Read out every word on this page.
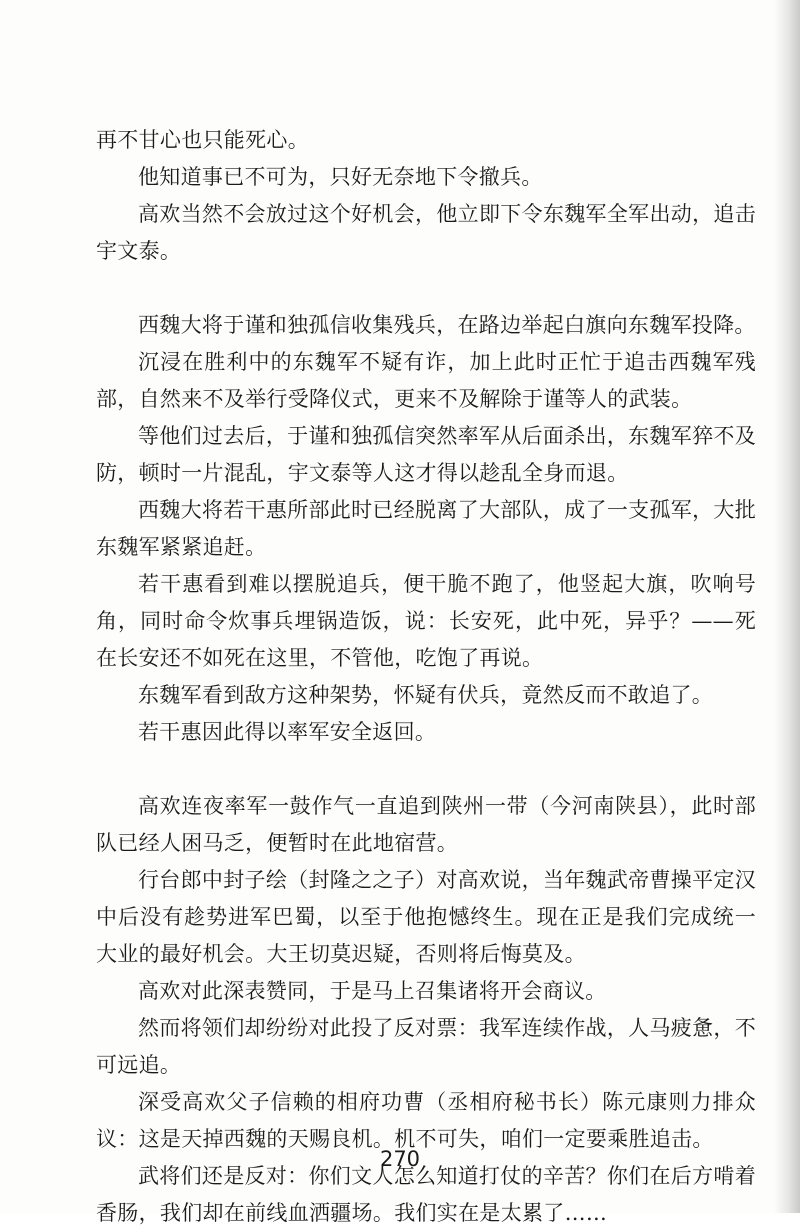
再不甘心也只能死心。

他知道事已不可为，只好无奈地下令撤兵。

高欢当然不会放过这个好机会，他立即下令东魏军全军出动，追击宇文泰。

西魏大将于谨和独孤信收集残兵，在路边举起白旗向东魏军投降。

沉浸在胜利中的东魏军不疑有诈，加上此时正忙于追击西魏军残部，自然来不及举行受降仪式，更来不及解除于谨等人的武装。

等他们过去后，于谨和独孤信突然率军从后面杀出，东魏军猝不及防，顿时一片混乱，宇文泰等人这才得以趁乱全身而退。

西魏大将若干惠所部此时已经脱离了大部队，成了一支孤军，大批东魏军紧紧追赶。

若干惠看到难以摆脱追兵，便干脆不跑了，他竖起大旗，吹响号角，同时命令炊事兵埋锅造饭，说：长安死，此中死，异乎？——死在长安还不如死在这里，不管他，吃饱了再说。

东魏军看到敌方这种架势，怀疑有伏兵，竟然反而不敢追了。

若干惠因此得以率军安全返回。

高欢连夜率军一鼓作气一直追到陕州一带（今河南陕县），此时部队已经人困马乏，便暂时在此地宿营。

行台郎中封子绘（封隆之之子）对高欢说，当年魏武帝曹操平定汉中后没有趁势进军巴蜀，以至于他抱憾终生。现在正是我们完成统一大业的最好机会。大王切莫迟疑，否则将后悔莫及。

高欢对此深表赞同，于是马上召集诸将开会商议。

然而将领们却纷纷对此投了反对票：我军连续作战，人马疲惫，不可远追。

深受高欢父子信赖的相府功曹（丞相府秘书长）陈元康则力排众议：这是天掉西魏的天赐良机。机不可失，咱们一定要乘胜追击。

武将们还是反对：你们文人怎么知道打仗的辛苦？你们在后方啃着香肠，我们却在前线血洒疆场。我们实在是太累了……

270
